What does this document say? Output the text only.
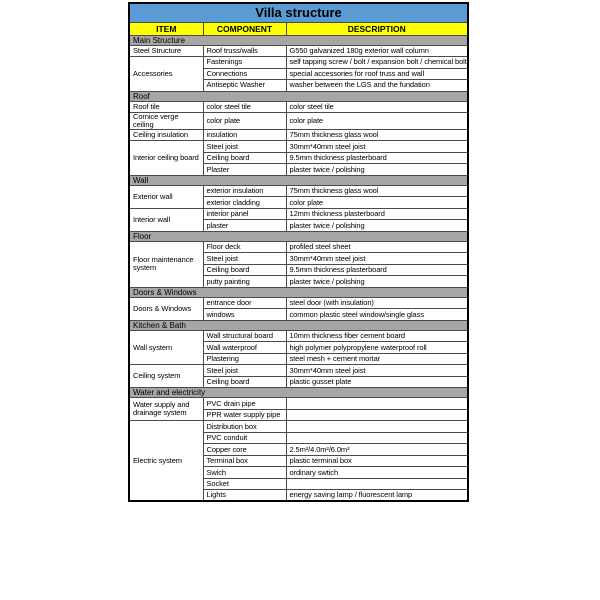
Villa structure		
ITEM	COMPONENT	DESCRIPTION
Main Structure		
Steel Structure	Roof truss/walls	G550 galvanized 180g exterior wall column
Accessories	Fastenings	self tapping screw / bolt / expansion bolt / chemical bolt
	Connections	special accessories for roof truss and wall
	Antiseptic Washer	washer between the LGS and the fundation
Roof		
Roof tile	color steel tile	color steel tile
Cornice verge ceiling	color plate	color plate
Ceiling insulation	insulation	75mm thickness glass wool
Interior ceiling board	Steel joist	30mm*40mm steel joist
	Ceiling board	9.5mm thickness plasterboard
	Plaster	plaster twice / polishing
Wall		
Exterior wall	exterior insulation	75mm thickness glass wool
	exterior cladding	color plate
Interior wall	interior panel	12mm thickness plasterboard
	plaster	plaster twice / polishing
Floor		
Floor maintenance system	Floor deck	profiled steel sheet
	Steel joist	30mm*40mm steel joist
	Ceiling board	9.5mm thickness plasterboard
	putty painting	plaster twice / polishing
Doors & Windows		
Doors & Windows	entrance door	steel door (with insulation)
	windows	common plastic steel window/single glass
Kitchen & Bath		
Wall system	Wall structural board	10mm thickness fiber cement board
	Wall waterproof	high polymer polypropylene waterproof roll
	Plastering	steel mesh + cement mortar
Ceiling system	Steel joist	30mm*40mm steel joist
	Ceiling board	plastic gusset plate
Water and electricity		
Water supply and drainage system	PVC drain pipe	
	PPR water supply pipe	
Electric system	Distribution box	
	PVC conduit	
	Copper core	2.5m²/4.0m²/6.0m²
	Terminal box	plastic terminal box
	Swich	ordinary swtich
	Socket	
	Lights	energy saving lamp / fluorescent lamp
